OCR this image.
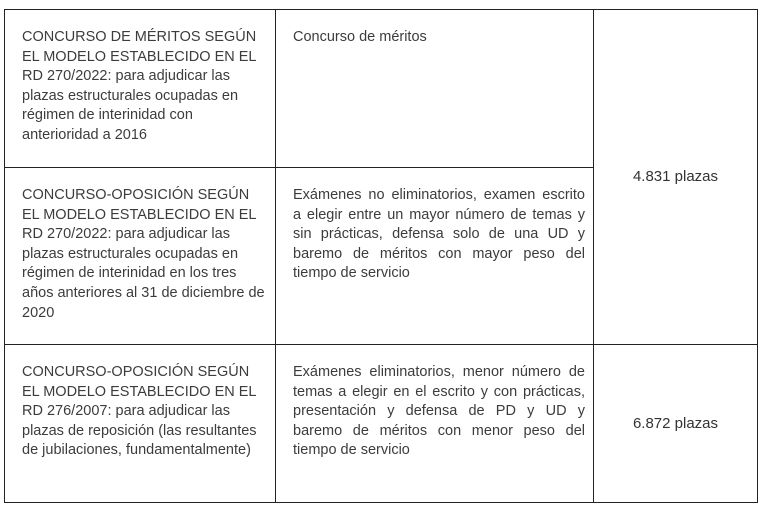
CONCURSO DE MÉRITOS SEGÚN EL MODELO ESTABLECIDO EN EL RD 270/2022: para adjudicar las plazas estructurales ocupadas en régimen de interinidad con anterioridad a 2016	Concurso de méritos	4.831 plazas

CONCURSO-OPOSICIÓN SEGÚN EL MODELO ESTABLECIDO EN EL RD 270/2022: para adjudicar las plazas estructurales ocupadas en régimen de interinidad en los tres años anteriores al 31 de diciembre de 2020	Exámenes no eliminatorios, examen escrito a elegir entre un mayor número de temas y sin prácticas, defensa solo de una UD y baremo de méritos con mayor peso del tiempo de servicio	

CONCURSO-OPOSICIÓN SEGÚN EL MODELO ESTABLECIDO EN EL RD 276/2007: para adjudicar las plazas de reposición (las resultantes de jubilaciones, fundamentalmente)	Exámenes eliminatorios, menor número de temas a elegir en el escrito y con prácticas, presentación y defensa de PD y UD y baremo de méritos con menor peso del tiempo de servicio	6.872 plazas
